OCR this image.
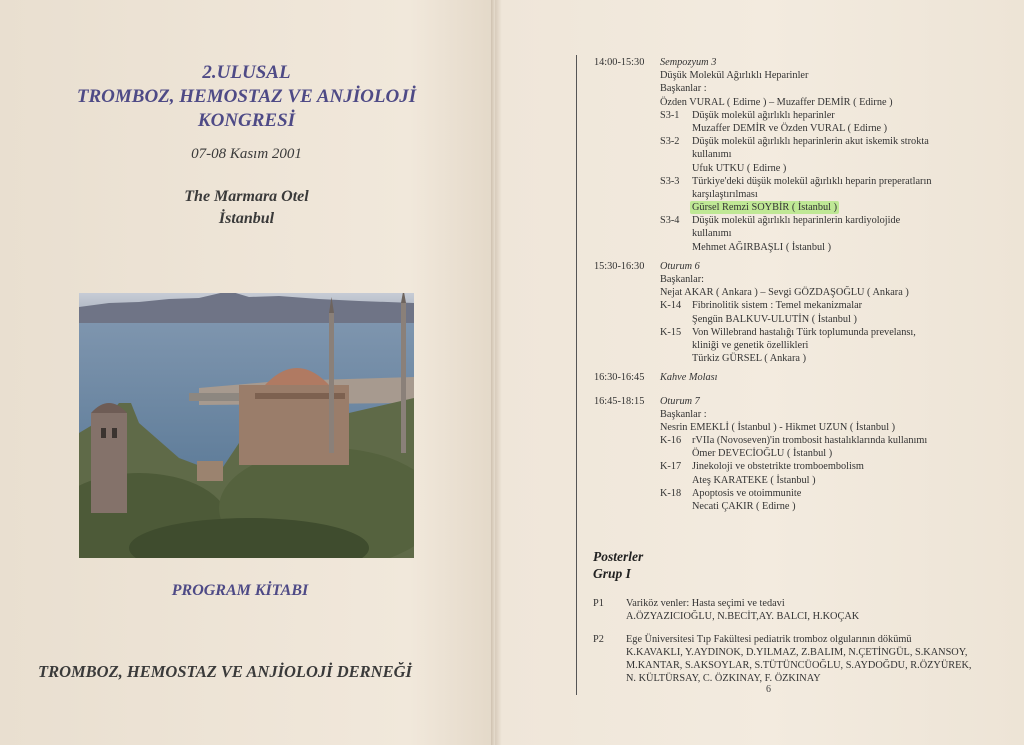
2.ULUSAL
TROMBOZ, HEMOSTAZ VE ANJİOLOJİ
KONGRESİ
07-08 Kasım 2001
The Marmara Otel
İstanbul
PROGRAM KİTABI
TROMBOZ, HEMOSTAZ VE ANJİOLOJİ DERNEĞİ
14:00-15:30 Sempozyum 3
Düşük Molekül Ağırlıklı Heparinler
Başkanlar :
Özden VURAL ( Edirne ) – Muzaffer DEMİR ( Edirne )
S3-1 Düşük molekül ağırlıklı heparinler
Muzaffer DEMİR ve Özden VURAL ( Edirne )
S3-2 Düşük molekül ağırlıklı heparinlerin akut iskemik strokta
kullanımı
Ufuk UTKU ( Edirne )
S3-3 Türkiye'deki düşük molekül ağırlıklı heparin preperatların
karşılaştırılması
Gürsel Remzi SOYBİR ( İstanbul )
S3-4 Düşük molekül ağırlıklı heparinlerin kardiyolojide
kullanımı
Mehmet AĞIRBAŞLI ( İstanbul )
15:30-16:30 Oturum 6
Başkanlar:
Nejat AKAR ( Ankara ) – Sevgi GÖZDAŞOĞLU ( Ankara )
K-14 Fibrinolitik sistem : Temel mekanizmalar
Şengün BALKUV-ULUTİN ( İstanbul )
K-15 Von Willebrand hastalığı Türk toplumunda prevelansı,
kliniği ve genetik özellikleri
Türkiz GÜRSEL ( Ankara )
16:30-16:45 Kahve Molası
16:45-18:15 Oturum 7
Başkanlar :
Nesrin EMEKLİ ( İstanbul ) - Hikmet UZUN ( İstanbul )
K-16 rVIIa (Novoseven)'in trombosit hastalıklarında kullanımı
Ömer DEVECİOĞLU ( İstanbul )
K-17 Jinekoloji ve obstetrikte tromboembolism
Ateş KARATEKE ( İstanbul )
K-18 Apoptosis ve otoimmunite
Necati ÇAKIR ( Edirne )
Posterler
Grup I
P1 Variköz venler: Hasta seçimi ve tedavi
A.ÖZYAZICIOĞLU, N.BECİT,AY. BALCI, H.KOÇAK
P2 Ege Üniversitesi Tıp Fakültesi pediatrik tromboz olgularının dökümü
K.KAVAKLI, Y.AYDINOK, D.YILMAZ, Z.BALIM, N.ÇETİNGÜL, S.KANSOY,
M.KANTAR, S.AKSOYLAR, S.TÜTÜNCÜOĞLU, S.AYDOĞDU, R.ÖZYÜREK,
N. KÜLTÜRSAY, C. ÖZKINAY, F. ÖZKINAY
6
